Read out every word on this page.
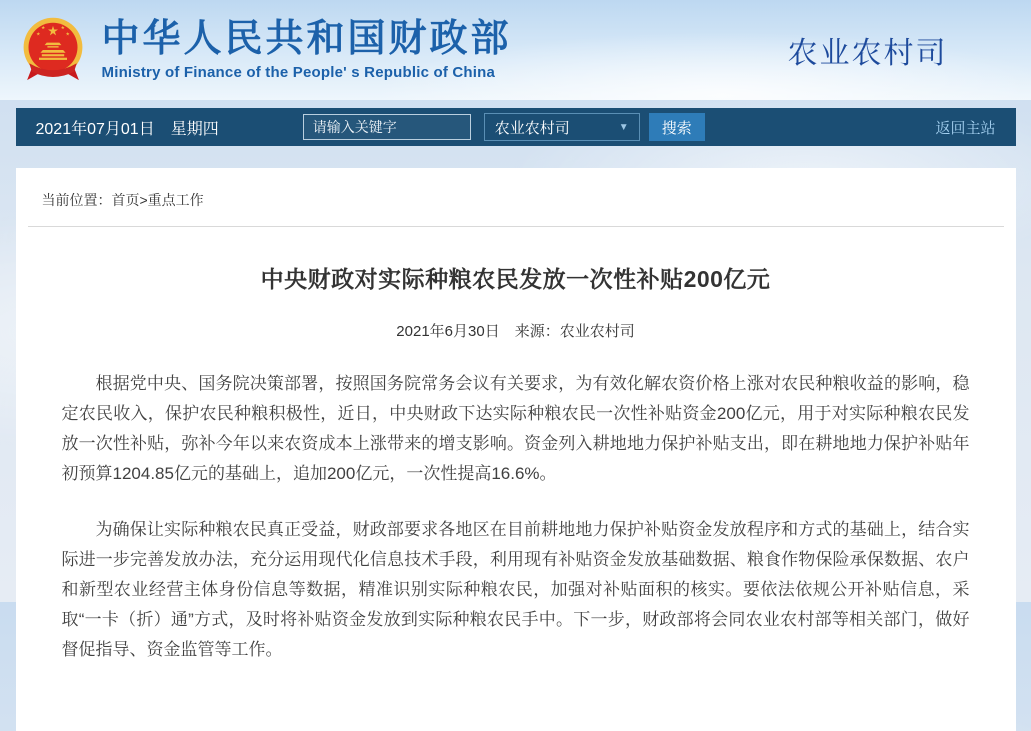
中华人民共和国财政部
Ministry of Finance of the People' s Republic of China
农业农村司
2021年07月01日　星期四
请输入关键字	农业农村司	▼	搜索	返回主站
当前位置：首页>重点工作
中央财政对实际种粮农民发放一次性补贴200亿元
2021年6月30日　来源：农业农村司

根据党中央、国务院决策部署，按照国务院常务会议有关要求，为有效化解农资价格上涨对农民种粮收益的影响，稳定农民收入，保护农民种粮积极性，近日，中央财政下达实际种粮农民一次性补贴资金200亿元，用于对实际种粮农民发放一次性补贴，弥补今年以来农资成本上涨带来的增支影响。资金列入耕地地力保护补贴支出，即在耕地地力保护补贴年初预算1204.85亿元的基础上，追加200亿元，一次性提高16.6%。

为确保让实际种粮农民真正受益，财政部要求各地区在目前耕地地力保护补贴资金发放程序和方式的基础上，结合实际进一步完善发放办法，充分运用现代化信息技术手段，利用现有补贴资金发放基础数据、粮食作物保险承保数据、农户和新型农业经营主体身份信息等数据，精准识别实际种粮农民，加强对补贴面积的核实。要依法依规公开补贴信息，采取“一卡（折）通”方式，及时将补贴资金发放到实际种粮农民手中。下一步，财政部将会同农业农村部等相关部门，做好督促指导、资金监管等工作。
